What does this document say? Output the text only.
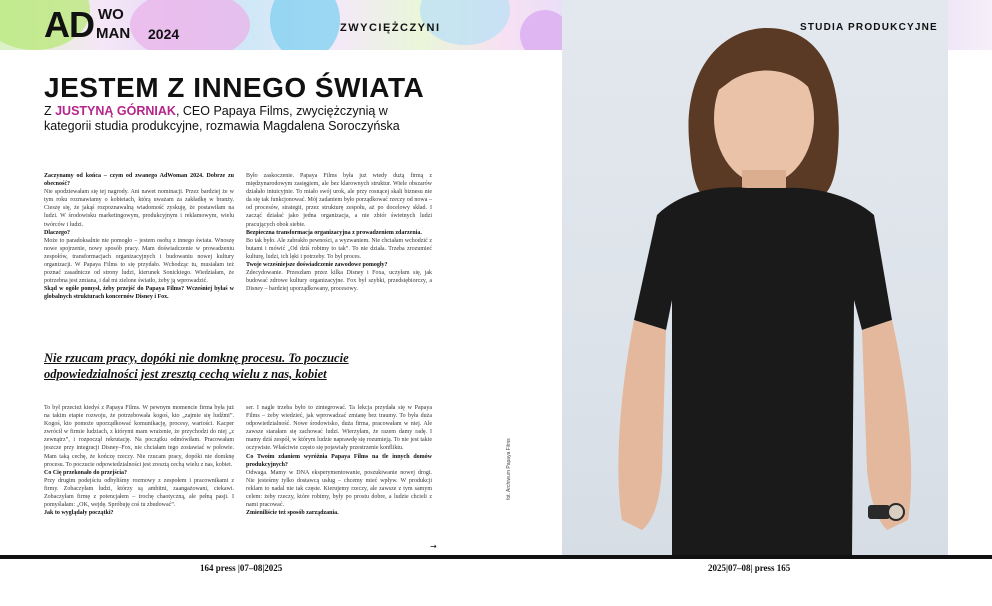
AD WO
MAN 2024	ZWYCIĘŻCZYNI	STUDIA PRODUKCYJNE
JESTEM Z INNEGO ŚWIATA
Z JUSTYNĄ GÓRNIAK, CEO Papaya Films, zwyciężczynią w kategorii studia produkcyjne, rozmawia Magdalena Soroczyńska

Zaczynamy od końca – czym od zwanego AdWoman 2024. Dobrze zu obecność?

Nie spodziewałam się tej nagrody. Ani nawet nominacji. Przez bardziej że w tym roku rozmawiamy o kobietach, którą uważam za zakładkę w branży. Cieszę się, że jakąś rozpoznawalną wiadomość zyskuję, że postawiłam na ludzi. W środowisku marketingowym, produkcyjnym i reklamowym, wielu twórców i ludzi.

Dlaczego?

Może to paradoksalnie nie pomogło – jestem osobą z innego świata. Wnoszę nowe spojrzenie, nowy sposób pracy. Mam doświadczenie w prowadzeniu zespołów, transformacjach organizacyjnych i budowaniu nowej kultury organizacji. W Papaya Films to się przydało. Wchodząc tu, musiałam też poznać zasadnicze od strony ludzi, kierunek Sonickiego. Wiedziałam, że potrzebna jest zmiana, i dał mi zielone światło, żeby ją wprowadzić.

Skąd w ogóle pomysł, żeby przejść do Papaya Films? Wcześniej byłaś w globalnych strukturach koncernów Disney i Fox.

Było zaskoczenie. Papaya Films była już wtedy dużą firmą z międzynarodowym zasięgiem, ale bez klarownych struktur. Wiele obszarów działało intuicyjnie. To miało swój urok, ale przy rosnącej skali biznesu nie da się tak funkcjonować. Mój zadaniem było porządkować rzeczy od nowa – od procesów, strategii, przez strukturę zespołu, aż po docelowy skład. I zacząć działać jako jedna organizacja, a nie zbiór świetnych ludzi pracujących obok siebie.

Bezpieczna transformacja organizacyjna z prowadzeniem zdarzenia.

Bo tak było. Ale zabrakło pewności, a wyzwaniem. Nie chciałam wchodzić z butami i mówić „Od dziś robimy to tak”. To nie działa. Trzeba zrozumieć kulturę, ludzi, ich lęki i potrzeby. To był proces.

Twoje wcześniejsze doświadczenie zawodowe pomogły?

Zdecydowanie. Przeszłam przez kilka Disney i Foxa, uczyłam się, jak budować zdrowe kultury organizacyjne. Fox był szybki, przedsiębiorczy, a Disney – bardziej uporządkowany, procesowy.

Nie rzucam pracy, dopóki nie domknę procesu. To poczucie odpowiedzialności jest zresztą cechą wielu z nas, kobiet

To był przecież kiedyś z Papaya Films. W pewnym momencie firma była już na takim etapie rozwoju, że potrzebowała kogoś, kto „zajmie się ludźmi”. Kogoś, kto pomoże uporządkować komunikację, procesy, wartości. Kacper zwrócił w firmie ludziach, z którymi mam wrażenie, że przychodzi do niej „z zewnątrz”, i rozpoczął rekrutację. Na początku odmówiłam. Pracowałam jeszcze przy integracji Disney–Fox, nie chciałam tego zostawiać w połowie. Mam taką cechę, że kończę rzeczy. Nie rzucam pracy, dopóki nie domknę procesu. To poczucie odpowiedzialności jest zresztą cechą wielu z nas, kobiet.

Co Cię przekonało do przejścia?

Przy drugim podejściu odbyliśmy rozmowy z zespołem i pracownikami z firmy. Zobaczyłam ludzi, którzy są ambitni, zaangażowani, ciekawi. Zobaczyłam firmę z potencjałem – trochę chaotyczną, ale pełną pasji. I pomyślałam: „OK, wejdę. Spróbuję coś tu zbudować”.

Jak to wyglądały początki?

ser. I nagle trzeba było to zintegrować. Ta lekcja przydała się w Papaya Films – żeby wiedzieć, jak wprowadzać zmianę bez traumy. To była duża odpowiedzialność. Nowe środowisko, duża firma, pracowałam w niej. Ale zawsze starałam się zachować ludzi. Wierzyłam, że razem damy radę. I mamy dziś zespół, w którym ludzie naprawdę się rozumieją. To nie jest takie oczywiste. Właściwie często się pojawiały przestrzenie konfliktu.

Co Twoim zdaniem wyróżnia Papaya Films na tle innych domów produkcyjnych?

Odwaga. Mamy w DNA eksperymentowanie, poszukiwanie nowej drogi. Nie jesteśmy tylko dostawcą usług – chcemy mieć wpływ. W produkcji reklam to nadal nie tak częste. Kierujemy rzeczy, ale zawsze z tym samym celem: żeby rzeczy, które robimy, były po prostu dobre, a ludzie chcieli z nami pracować.

Zmieniliście też sposób zarządzania.

→
fot. Archiwum Papaya Films
164 press |07–08|2025	2025|07–08| press 165
